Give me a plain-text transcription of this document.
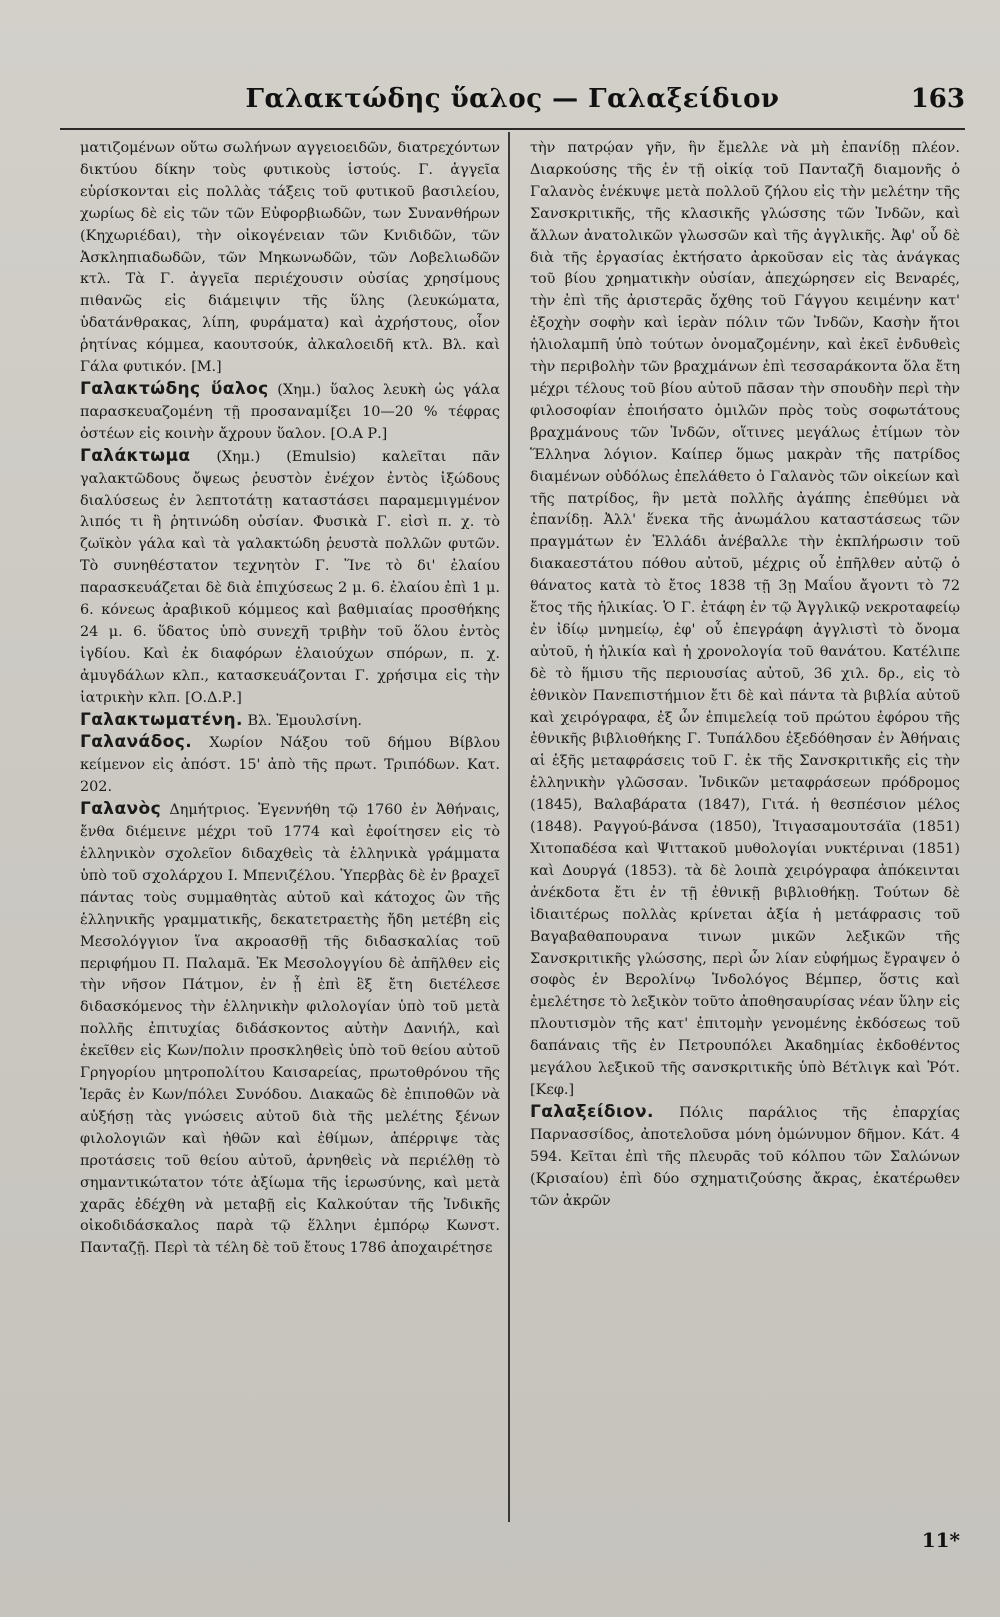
Γαλακτώδης ὕαλος — Γαλαξείδιον	163

ματιζομένων οὕτω σωλήνων αγγειοειδῶν, διατρεχόντων δικτύου δίκην τοὺς φυτικοὺς ἱστούς. Γ. ἀγγεῖα εὑρίσκονται εἰς πολλὰς τάξεις τοῦ φυτικοῦ βασιλείου, χωρίως δὲ εἰς τῶν τῶν Εὐφορβιωδῶν, των Συνανθήρων (Κηχωριέδαι), τὴν οἰκογένειαν τῶν Κνιδιδῶν, τῶν Ἀσκληπιαδωδῶν, τῶν Μηκωνωδῶν, τῶν Λοβελιωδῶν κτλ. Τὰ Γ. ἀγγεῖα περιέχουσιν οὐσίας χρησίμους πιθανῶς εἰς διάμειψιν τῆς ὕλης (λευκώματα, ὑδατάνθρακας, λίπη, φυράματα) καὶ ἀχρήστους, οἷον ῥητίνας κόμμεα, καουτσούκ, ἀλκαλοειδῆ κτλ. Βλ. καὶ Γάλα φυτικόν. [Μ.]

Γαλακτώδης ὕαλος (Χημ.) ὕαλος λευκὴ ὡς γάλα παρασκευαζομένη τῇ προσαναμίξει 10—20 % τέφρας ὀστέων εἰς κοινὴν ἄχρουν ὕαλον. [Ο.Α Ρ.]

Γαλάκτωμα (Χημ.) (Emulsio) καλεῖται πᾶν γαλακτῶδους ὄψεως ῥευστὸν ἐνέχον ἐντὸς ἰξώδους διαλύσεως ἐν λεπτοτάτῃ καταστάσει παραμεμιγμένον λιπός τι ἢ ῥητινώδη οὐσίαν. Φυσικὰ Γ. εἰσὶ π. χ. τὸ ζωϊκὸν γάλα καὶ τὰ γαλακτώδη ῥευστὰ πολλῶν φυτῶν. Τὸ συνηθέστατον τεχνητὸν Γ. Ἵνε τὸ δι' ἐλαίου παρασκευάζεται δὲ διὰ ἐπιχύσεως 2 μ. 6. ἐλαίου ἐπὶ 1 μ. 6. κόνεως ἀραβικοῦ κόμμεος καὶ βαθμιαίας προσθήκης 24 μ. 6. ὕδατος ὑπὸ συνεχῆ τριβὴν τοῦ ὅλου ἐντὸς ἰγδίου. Καὶ ἐκ διαφόρων ἐλαιούχων σπόρων, π. χ. ἀμυγδάλων κλπ., κατασκευάζονται Γ. χρήσιμα εἰς τὴν ἰατρικὴν κλπ. [Ο.Δ.Ρ.]

Γαλακτωματένη. Βλ. Ἐμουλσίνη.

Γαλανάδος. Χωρίον Νάξου τοῦ δήμου Βίβλου κείμενον εἰς ἀπόστ. 15' ἀπὸ τῆς πρωτ. Τριπόδων. Κατ. 202.

Γαλανὸς Δημήτριος. Ἐγεννήθη τῷ 1760 ἐν Ἀθήναις, ἔνθα διέμεινε μέχρι τοῦ 1774 καὶ ἐφοίτησεν εἰς τὸ ἑλληνικὸν σχολεῖον διδαχθεὶς τὰ ἑλληνικὰ γράμματα ὑπὸ τοῦ σχολάρχου Ι. Μπενιζέλου. Ὑπερβὰς δὲ ἐν βραχεῖ πάντας τοὺς συμμαθητὰς αὐτοῦ καὶ κάτοχος ὢν τῆς ἑλληνικῆς γραμματικῆς, δεκατετραετὴς ἤδη μετέβη εἰς Μεσολόγγιον ἵνα ακροασθῇ τῆς διδασκαλίας τοῦ περιφήμου Π. Παλαμᾶ. Ἐκ Μεσολογγίου δὲ ἀπῆλθεν εἰς τὴν νῆσον Πάτμον, ἐν ᾗ ἐπὶ ἓξ ἔτη διετέλεσε διδασκόμενος τὴν ἑλληνικὴν φιλολογίαν ὑπὸ τοῦ μετὰ πολλῆς ἐπιτυχίας διδάσκοντος αὐτὴν Δανιήλ, καὶ ἐκεῖθεν εἰς Κων/πολιν προσκληθεὶς ὑπὸ τοῦ θείου αὐτοῦ Γρηγορίου μητροπολίτου Καισαρείας, πρωτοθρόνου τῆς Ἱερᾶς ἐν Κων/πόλει Συνόδου. Διακαῶς δὲ ἐπιποθῶν νὰ αὐξήσῃ τὰς γνώσεις αὐτοῦ διὰ τῆς μελέτης ξένων φιλολογιῶν καὶ ἠθῶν καὶ ἐθίμων, ἀπέρριψε τὰς προτάσεις τοῦ θείου αὐτοῦ, ἀρνηθεὶς νὰ περιέλθῃ τὸ σημαντικώτατον τότε ἀξίωμα τῆς ἱερωσύνης, καὶ μετὰ χαρᾶς ἐδέχθη νὰ μεταβῇ εἰς Καλκούταν τῆς Ἰνδικῆς οἰκοδιδάσκαλος παρὰ τῷ ἕλληνι ἐμπόρῳ Κωνστ. Πανταζῇ. Περὶ τὰ τέλη δὲ τοῦ ἔτους 1786 ἀποχαιρέτησε

τὴν πατρῴαν γῆν, ἣν ἔμελλε νὰ μὴ ἐπανίδῃ πλέον. Διαρκούσης τῆς ἐν τῇ οἰκίᾳ τοῦ Πανταζῆ διαμονῆς ὁ Γαλανὸς ἐνέκυψε μετὰ πολλοῦ ζήλου εἰς τὴν μελέτην τῆς Σανσκριτικῆς, τῆς κλασικῆς γλώσσης τῶν Ἰνδῶν, καὶ ἄλλων ἀνατολικῶν γλωσσῶν καὶ τῆς ἀγγλικῆς. Ἀφ' οὗ δὲ διὰ τῆς ἐργασίας ἐκτήσατο ἀρκοῦσαν εἰς τὰς ἀνάγκας τοῦ βίου χρηματικὴν οὐσίαν, ἀπεχώρησεν εἰς Βεναρές, τὴν ἐπὶ τῆς ἀριστερᾶς ὄχθης τοῦ Γάγγου κειμένην κατ' ἐξοχὴν σοφὴν καὶ ἱερὰν πόλιν τῶν Ἰνδῶν, Κασὴν ἤτοι ἡλιολαμπῆ ὑπὸ τούτων ὀνομαζομένην, καὶ ἐκεῖ ἐνδυθεὶς τὴν περιβολὴν τῶν βραχμάνων ἐπὶ τεσσαράκοντα ὅλα ἔτη μέχρι τέλους τοῦ βίου αὐτοῦ πᾶσαν τὴν σπουδὴν περὶ τὴν φιλοσοφίαν ἐποιήσατο ὁμιλῶν πρὸς τοὺς σοφωτάτους βραχμάνους τῶν Ἰνδῶν, οἵτινες μεγάλως ἐτίμων τὸν Ἕλληνα λόγιον. Καίπερ ὅμως μακρὰν τῆς πατρίδος διαμένων οὐδόλως ἐπελάθετο ὁ Γαλανὸς τῶν οἰκείων καὶ τῆς πατρίδος, ἣν μετὰ πολλῆς ἀγάπης ἐπεθύμει νὰ ἐπανίδῃ. Ἀλλ' ἕνεκα τῆς ἀνωμάλου καταστάσεως τῶν πραγμάτων ἐν Ἑλλάδι ἀνέβαλλε τὴν ἐκπλήρωσιν τοῦ διακαεστάτου πόθου αὐτοῦ, μέχρις οὗ ἐπῆλθεν αὐτῷ ὁ θάνατος κατὰ τὸ ἔτος 1838 τῇ 3ῃ Μαΐου ἄγοντι τὸ 72 ἔτος τῆς ἡλικίας. Ὁ Γ. ἐτάφη ἐν τῷ Ἀγγλικῷ νεκροταφείῳ ἐν ἰδίῳ μνημείῳ, ἐφ' οὗ ἐπεγράφη ἀγγλιστὶ τὸ ὄνομα αὐτοῦ, ἡ ἡλικία καὶ ἡ χρονολογία τοῦ θανάτου. Κατέλιπε δὲ τὸ ἥμισυ τῆς περιουσίας αὐτοῦ, 36 χιλ. δρ., εἰς τὸ ἐθνικὸν Πανεπιστήμιον ἔτι δὲ καὶ πάντα τὰ βιβλία αὐτοῦ καὶ χειρόγραφα, ἐξ ὧν ἐπιμελείᾳ τοῦ πρώτου ἐφόρου τῆς ἐθνικῆς βιβλιοθήκης Γ. Τυπάλδου ἐξεδόθησαν ἐν Ἀθήναις αἱ ἑξῆς μεταφράσεις τοῦ Γ. ἐκ τῆς Σανσκριτικῆς εἰς τὴν ἑλληνικὴν γλῶσσαν. Ἰνδικῶν μεταφράσεων πρόδρομος (1845), Βαλαβάρατα (1847), Γιτά. ἡ θεσπέσιον μέλος (1848). Ραγγού-βάνσα (1850), Ἰτιγασαμουτσάϊα (1851) Χιτοπαδέσα καὶ Ψιττακοῦ μυθολογίαι νυκτέριναι (1851) καὶ Δουργά (1853). τὰ δὲ λοιπὰ χειρόγραφα ἀπόκεινται ἀνέκδοτα ἔτι ἐν τῇ ἐθνικῇ βιβλιοθήκῃ. Τούτων δὲ ἰδιαιτέρως πολλὰς κρίνεται ἀξία ἡ μετάφρασις τοῦ Βαγαβαθαπουρανα τινων μικῶν λεξικῶν τῆς Σανσκριτικῆς γλώσσης, περὶ ὧν λίαν εὐφήμως ἔγραψεν ὁ σοφὸς ἐν Βερολίνῳ Ἰνδολόγος Βέμπερ, ὅστις καὶ ἐμελέτησε τὸ λεξικὸν τοῦτο ἀποθησαυρίσας νέαν ὕλην εἰς πλουτισμὸν τῆς κατ' ἐπιτομὴν γενομένης ἐκδόσεως τοῦ δαπάναις τῆς ἐν Πετρουπόλει Ἀκαδημίας ἐκδοθέντος μεγάλου λεξικοῦ τῆς σανσκριτικῆς ὑπὸ Βέτλιγκ καὶ Ῥότ. [Κεφ.]

Γαλαξείδιον. Πόλις παράλιος τῆς ἐπαρχίας Παρνασσίδος, ἀποτελοῦσα μόνη ὁμώνυμον δῆμον. Κάτ. 4 594. Κεῖται ἐπὶ τῆς πλευρᾶς τοῦ κόλπου τῶν Σαλώνων (Κρισαίου) ἐπὶ δύο σχηματιζούσης ἄκρας, ἐκατέρωθεν τῶν ἀκρῶν

11*
